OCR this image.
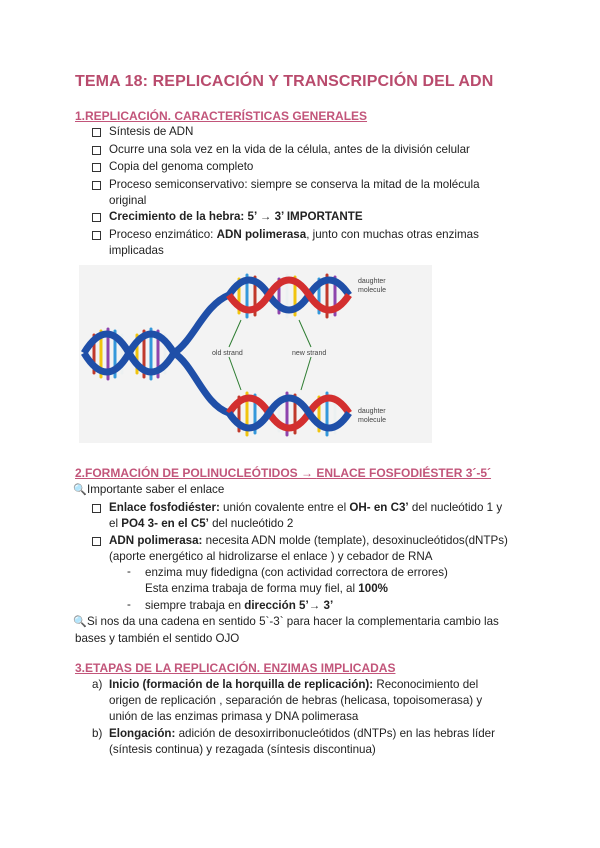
TEMA 18: REPLICACIÓN Y TRANSCRIPCIÓN DEL ADN
1.REPLICACIÓN. CARACTERÍSTICAS GENERALES
Síntesis de ADN
Ocurre una sola vez en la vida de la célula, antes de la división celular
Copia del genoma completo
Proceso semiconservativo: siempre se conserva la mitad de la molécula
original
Crecimiento de la hebra: 5’ → 3’ IMPORTANTE
Proceso enzimático: ADN polimerasa, junto con muchas otras enzimas
implicadas
daughter
molecule
old strand	new strand
daughter
molecule
2.FORMACIÓN DE POLINUCLEÓTIDOS → ENLACE FOSFODIÉSTER 3´-5´
🔍 Importante saber el enlace
Enlace fosfodiéster: unión covalente entre el OH- en C3’ del nucleótido 1 y
el PO4 3- en el C5’ del nucleótido 2
ADN polimerasa: necesita ADN molde (template), desoxinucleótidos(dNTPs)
(aporte energético al hidrolizarse el enlace ) y cebador de RNA
- enzima muy fidedigna (con actividad correctora de errores)
Esta enzima trabaja de forma muy fiel, al 100%
- siempre trabaja en dirección 5’→ 3’
🔍 Si nos da una cadena en sentido 5`-3` para hacer la complementaria cambio las
bases y también el sentido OJO
3.ETAPAS DE LA REPLICACIÓN. ENZIMAS IMPLICADAS
a) Inicio (formación de la horquilla de replicación): Reconocimiento del
origen de replicación , separación de hebras (helicasa, topoisomerasa) y
unión de las enzimas primasa y DNA polimerasa
b) Elongación: adición de desoxirribonucleótidos (dNTPs) en las hebras líder
(síntesis continua) y rezagada (síntesis discontinua)
